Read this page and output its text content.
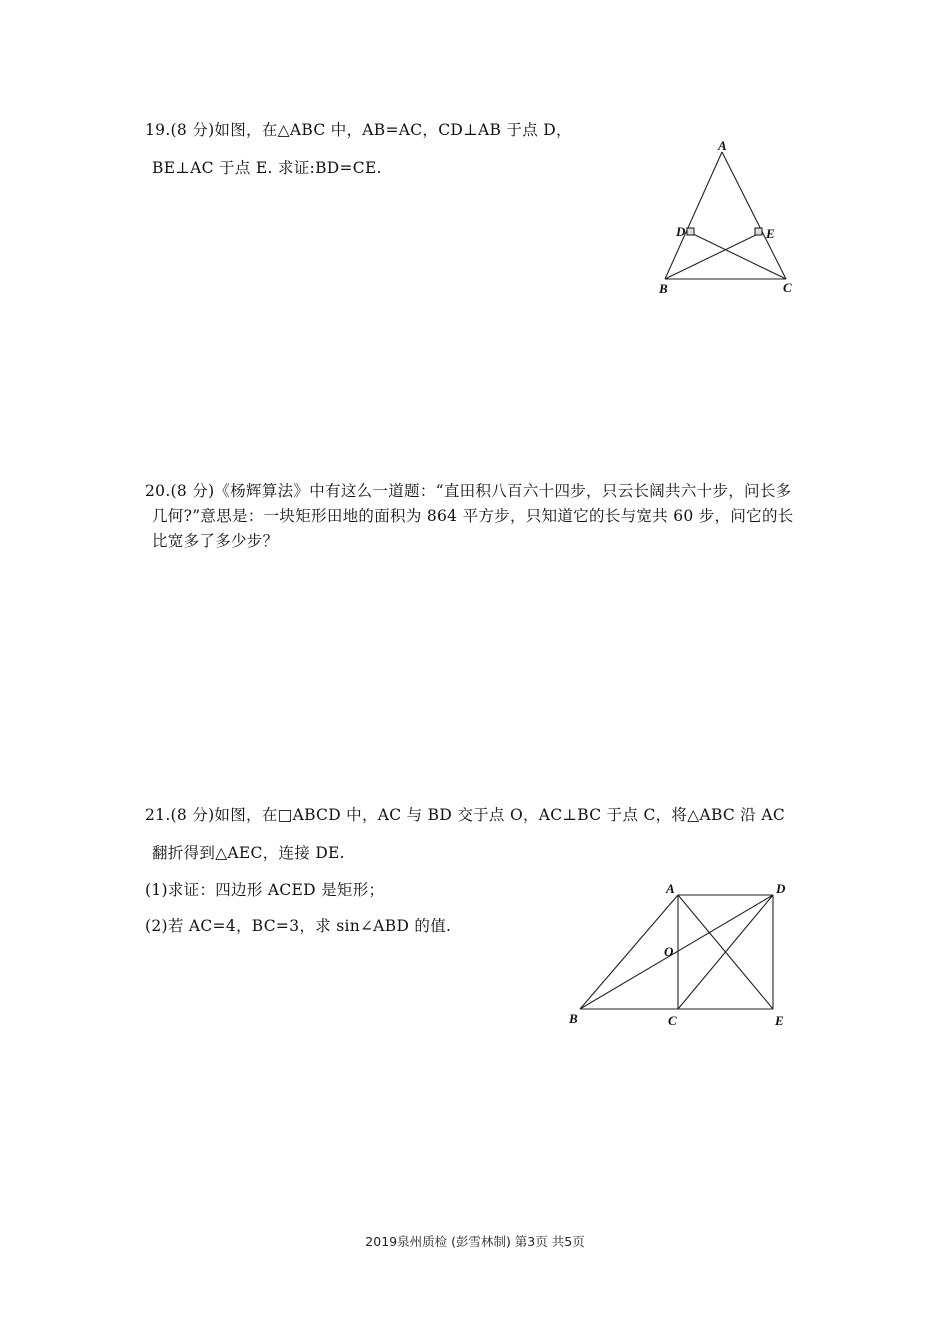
19.(8 分)如图，在△ABC 中，AB=AC，CD⊥AB 于点 D，
BE⊥AC 于点 E. 求证:BD=CE.
A
D	E
B	C
20.(8 分)《杨辉算法》中有这么一道题：“直田积八百六十四步，只云长阔共六十步，问长多
几何?”意思是：一块矩形田地的面积为 864 平方步，只知道它的长与宽共 60 步，问它的长
比宽多了多少步？
21.(8 分)如图，在□ABCD 中，AC 与 BD 交于点 O，AC⊥BC 于点 C，将△ABC 沿 AC
翻折得到△AEC，连接 DE.
(1)求证：四边形 ACED 是矩形；
(2)若 AC=4，BC=3，求 sin∠ABD 的值.
A	D
O
B	C	E
2019泉州质检 (彭雪林制) 第3页 共5页
